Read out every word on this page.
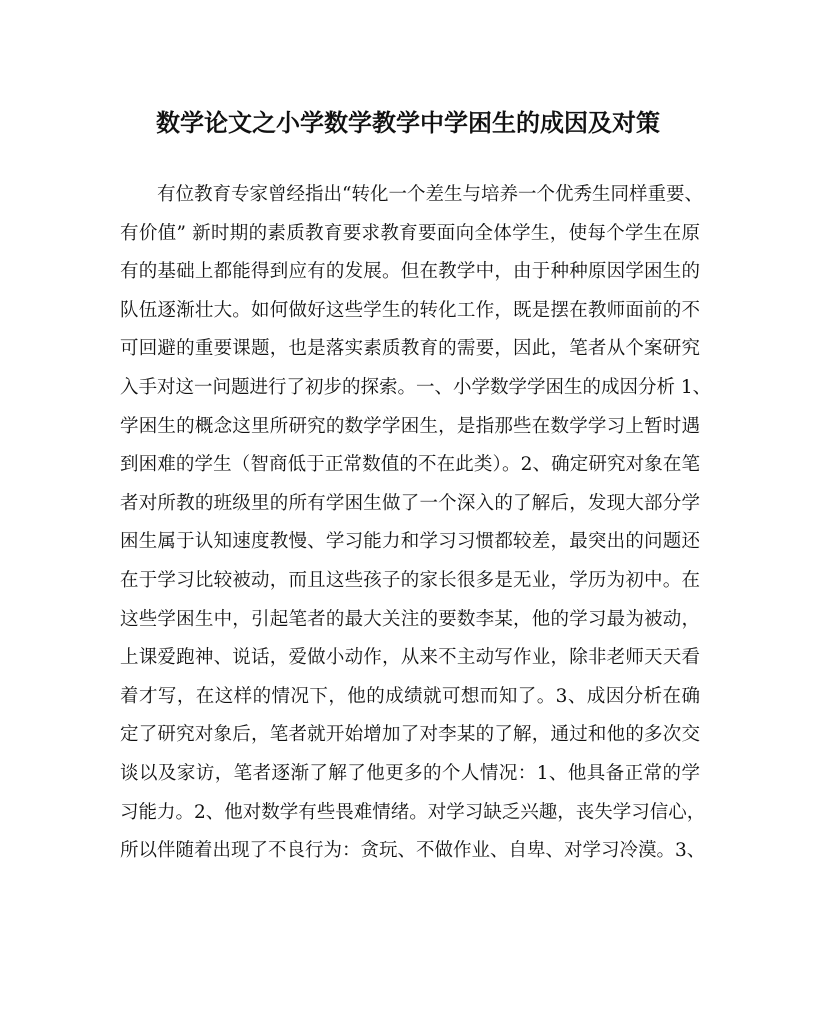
数学论文之小学数学教学中学困生的成因及对策
　　有位教育专家曾经指出“转化一个差生与培养一个优秀生同样重要、
有价值” 新时期的素质教育要求教育要面向全体学生，使每个学生在原
有的基础上都能得到应有的发展。但在教学中，由于种种原因学困生的
队伍逐渐壮大。如何做好这些学生的转化工作，既是摆在教师面前的不
可回避的重要课题，也是落实素质教育的需要，因此，笔者从个案研究
入手对这一问题进行了初步的探索。一、小学数学学困生的成因分析 1、
学困生的概念这里所研究的数学学困生，是指那些在数学学习上暂时遇
到困难的学生（智商低于正常数值的不在此类）。2、确定研究对象在笔
者对所教的班级里的所有学困生做了一个深入的了解后，发现大部分学
困生属于认知速度教慢、学习能力和学习习惯都较差，最突出的问题还
在于学习比较被动，而且这些孩子的家长很多是无业，学历为初中。在
这些学困生中，引起笔者的最大关注的要数李某，他的学习最为被动，
上课爱跑神、说话，爱做小动作，从来不主动写作业，除非老师天天看
着才写，在这样的情况下，他的成绩就可想而知了。3、成因分析在确
定了研究对象后，笔者就开始增加了对李某的了解，通过和他的多次交
谈以及家访，笔者逐渐了解了他更多的个人情况：1、他具备正常的学
习能力。2、他对数学有些畏难情绪。对学习缺乏兴趣，丧失学习信心，
所以伴随着出现了不良行为：贪玩、不做作业、自卑、对学习冷漠。3、
